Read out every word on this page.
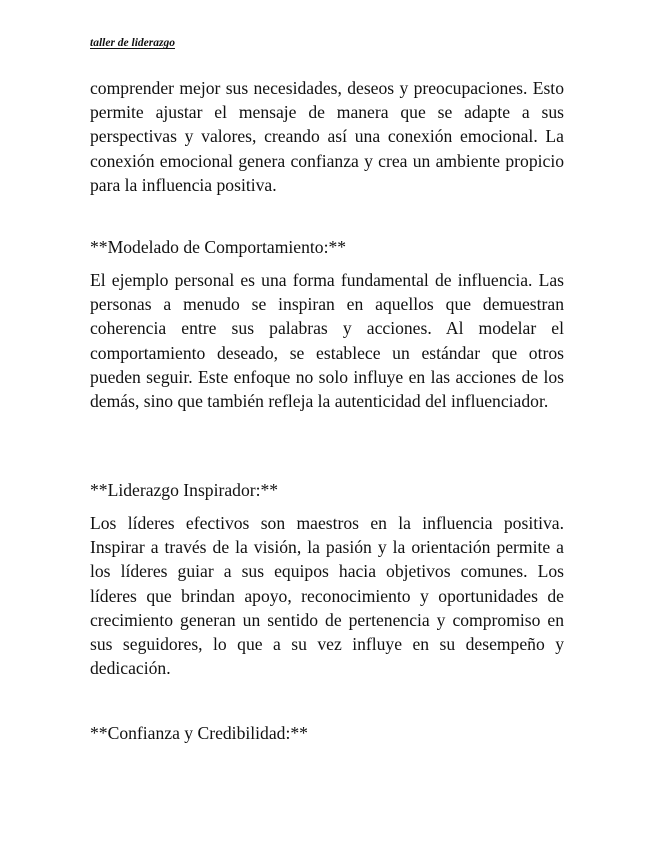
taller de liderazgo

comprender mejor sus necesidades, deseos y preocupaciones. Esto permite ajustar el mensaje de manera que se adapte a sus perspectivas y valores, creando así una conexión emocional. La conexión emocional genera confianza y crea un ambiente propicio para la influencia positiva.

**Modelado de Comportamiento:**

El ejemplo personal es una forma fundamental de influencia. Las personas a menudo se inspiran en aquellos que demuestran coherencia entre sus palabras y acciones. Al modelar el comportamiento deseado, se establece un estándar que otros pueden seguir. Este enfoque no solo influye en las acciones de los demás, sino que también refleja la autenticidad del influenciador.

**Liderazgo Inspirador:**

Los líderes efectivos son maestros en la influencia positiva. Inspirar a través de la visión, la pasión y la orientación permite a los líderes guiar a sus equipos hacia objetivos comunes. Los líderes que brindan apoyo, reconocimiento y oportunidades de crecimiento generan un sentido de pertenencia y compromiso en sus seguidores, lo que a su vez influye en su desempeño y dedicación.

**Confianza y Credibilidad:**
